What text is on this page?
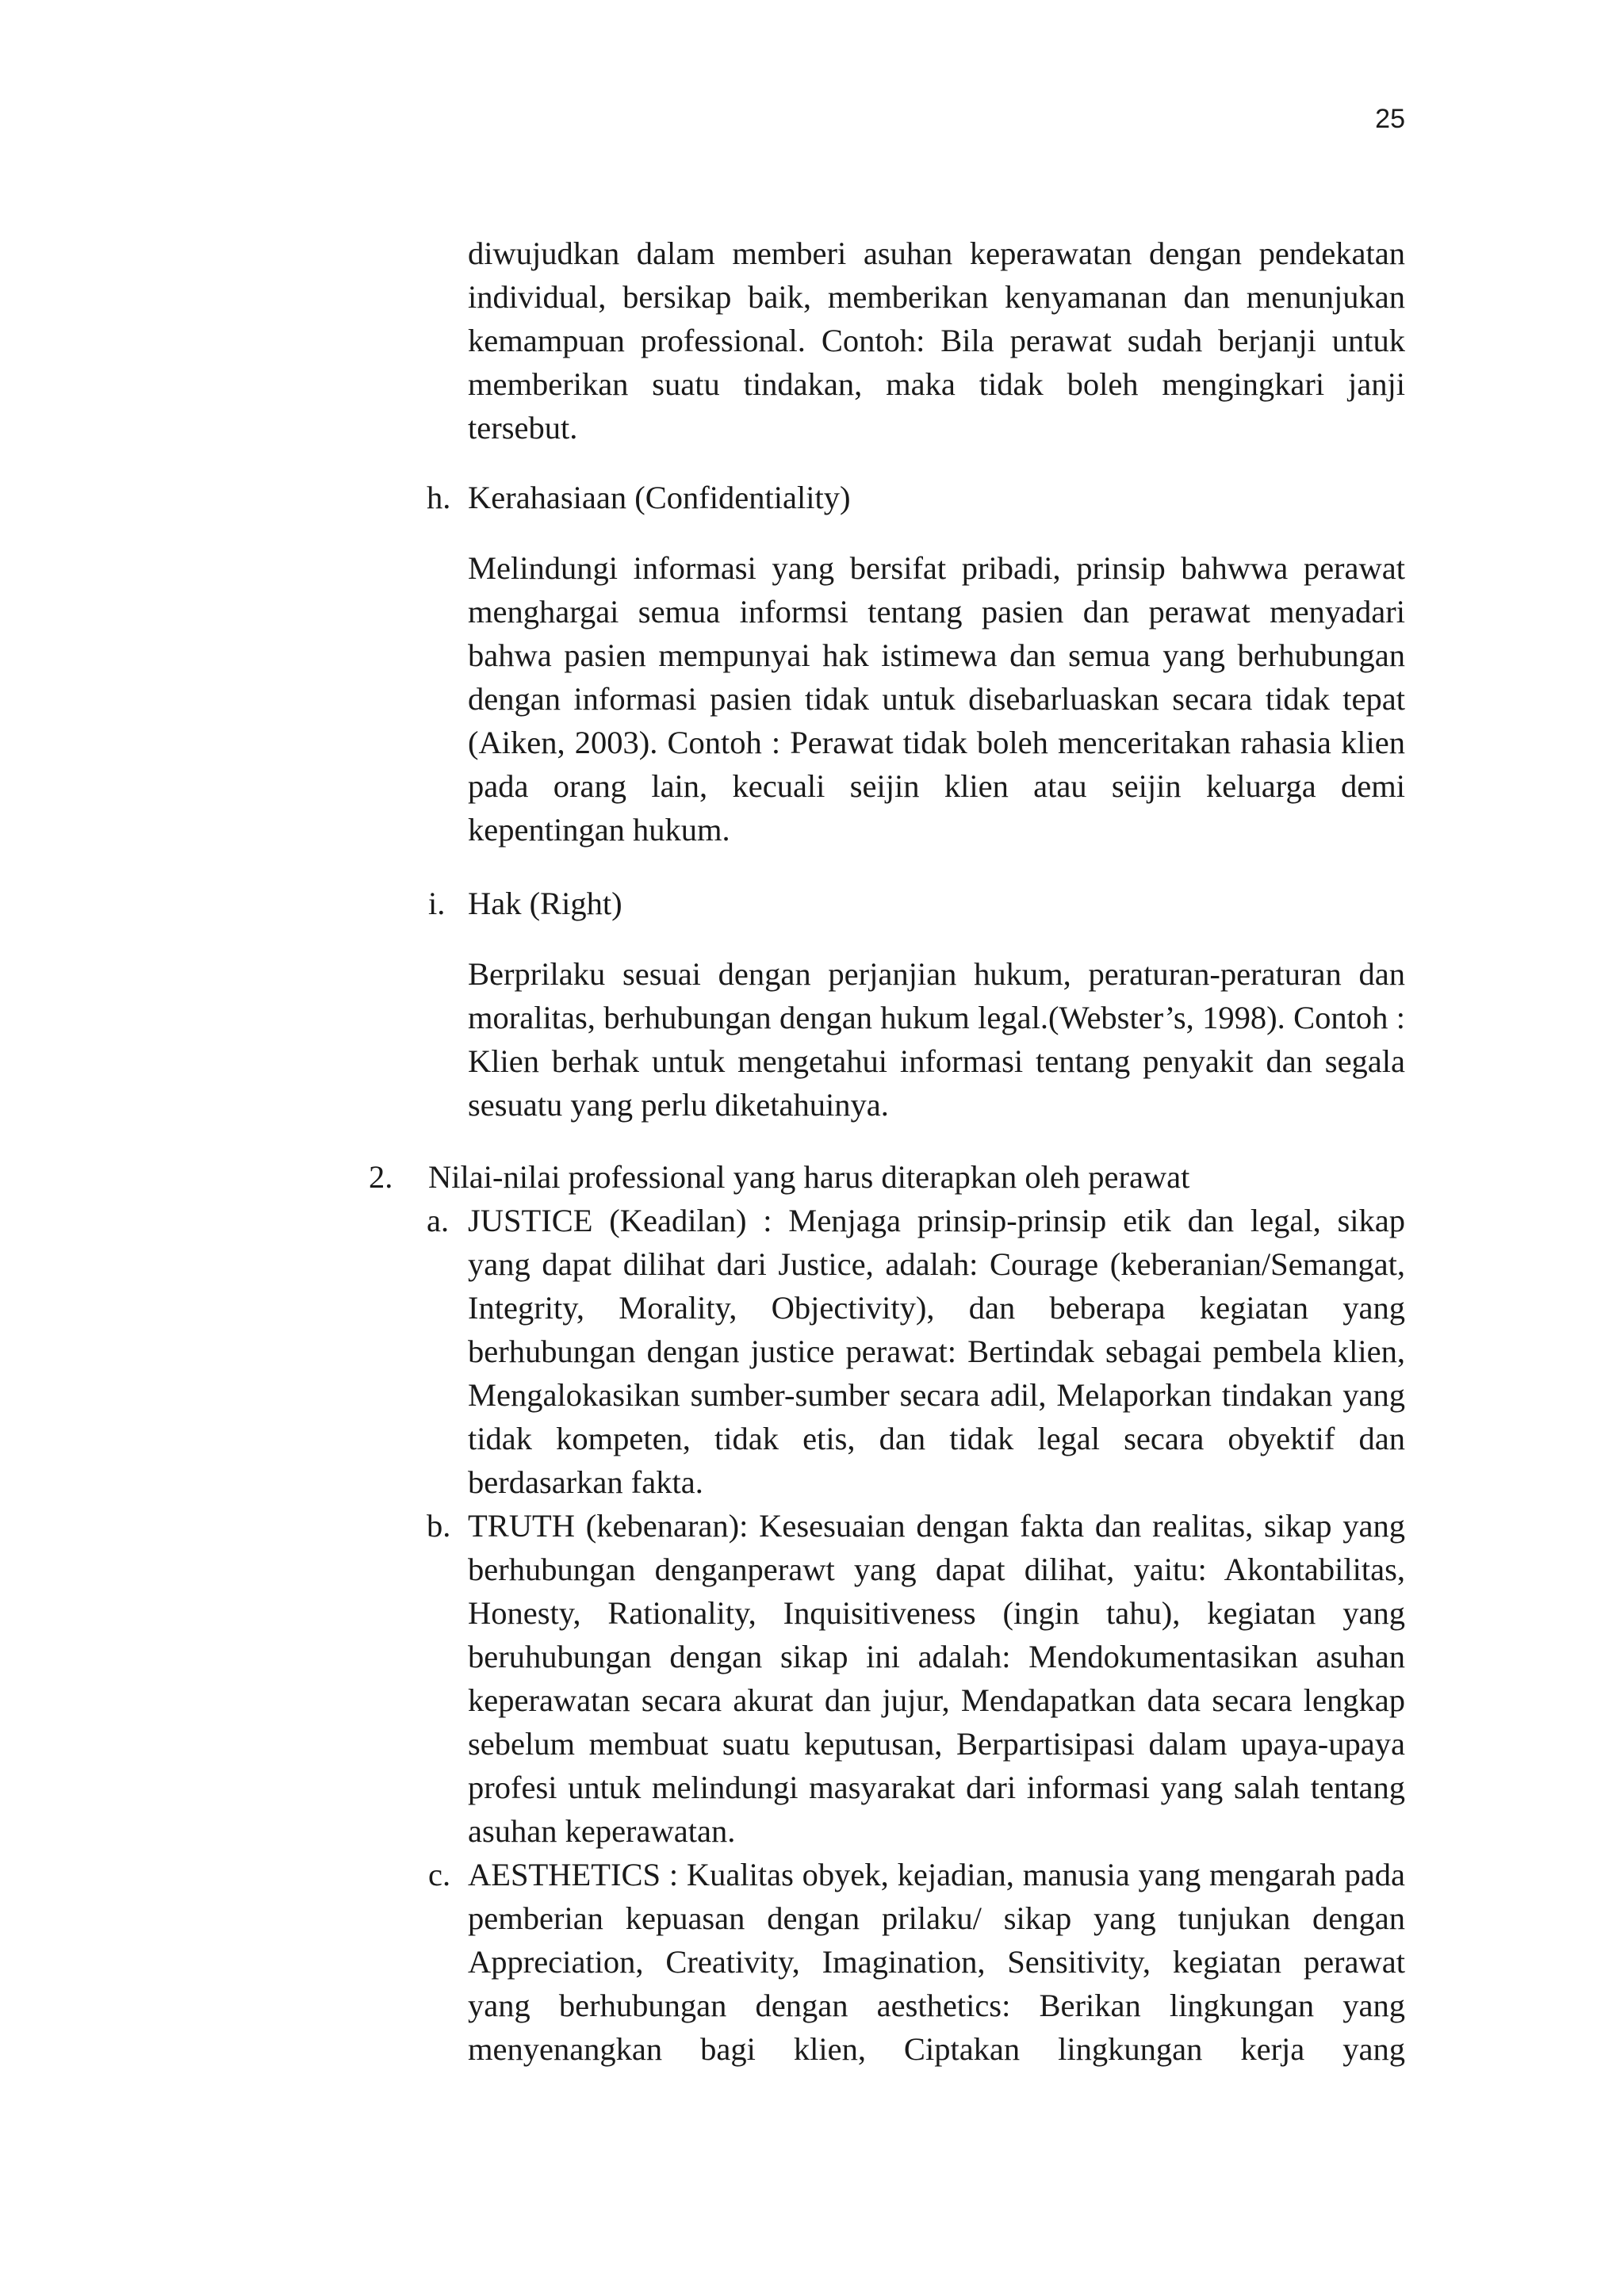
25
diwujudkan dalam memberi asuhan keperawatan dengan pendekatan individual, bersikap baik, memberikan kenyamanan dan menunjukan kemampuan professional. Contoh: Bila perawat sudah berjanji untuk memberikan suatu tindakan, maka tidak boleh mengingkari janji tersebut.
h. Kerahasiaan (Confidentiality)
Melindungi informasi yang bersifat pribadi, prinsip bahwwa perawat menghargai semua informsi tentang pasien dan perawat menyadari bahwa pasien mempunyai hak istimewa dan semua yang berhubungan dengan informasi pasien tidak untuk disebarluaskan secara tidak tepat (Aiken, 2003). Contoh : Perawat tidak boleh menceritakan rahasia klien pada orang lain, kecuali seijin klien atau seijin keluarga demi kepentingan hukum.
i. Hak (Right)
Berprilaku sesuai dengan perjanjian hukum, peraturan-peraturan dan moralitas, berhubungan dengan hukum legal.(Webster’s, 1998). Contoh : Klien berhak untuk mengetahui informasi tentang penyakit dan segala sesuatu yang perlu diketahuinya.
2. Nilai-nilai professional yang harus diterapkan oleh perawat
a. JUSTICE (Keadilan) : Menjaga prinsip-prinsip etik dan legal, sikap yang dapat dilihat dari Justice, adalah: Courage (keberanian/Semangat, Integrity, Morality, Objectivity), dan beberapa kegiatan yang berhubungan dengan justice perawat: Bertindak sebagai pembela klien, Mengalokasikan sumber-sumber secara adil, Melaporkan tindakan yang tidak kompeten, tidak etis, dan tidak legal secara obyektif dan berdasarkan fakta.
b. TRUTH (kebenaran): Kesesuaian dengan fakta dan realitas, sikap yang berhubungan denganperawt yang dapat dilihat, yaitu: Akontabilitas, Honesty, Rationality, Inquisitiveness (ingin tahu), kegiatan yang beruhubungan dengan sikap ini adalah: Mendokumentasikan asuhan keperawatan secara akurat dan jujur, Mendapatkan data secara lengkap sebelum membuat suatu keputusan, Berpartisipasi dalam upaya-upaya profesi untuk melindungi masyarakat dari informasi yang salah tentang asuhan keperawatan.
c. AESTHETICS : Kualitas obyek, kejadian, manusia yang mengarah pada pemberian kepuasan dengan prilaku/ sikap yang tunjukan dengan Appreciation, Creativity, Imagination, Sensitivity, kegiatan perawat yang berhubungan dengan aesthetics: Berikan lingkungan yang menyenangkan bagi klien, Ciptakan lingkungan kerja yang
